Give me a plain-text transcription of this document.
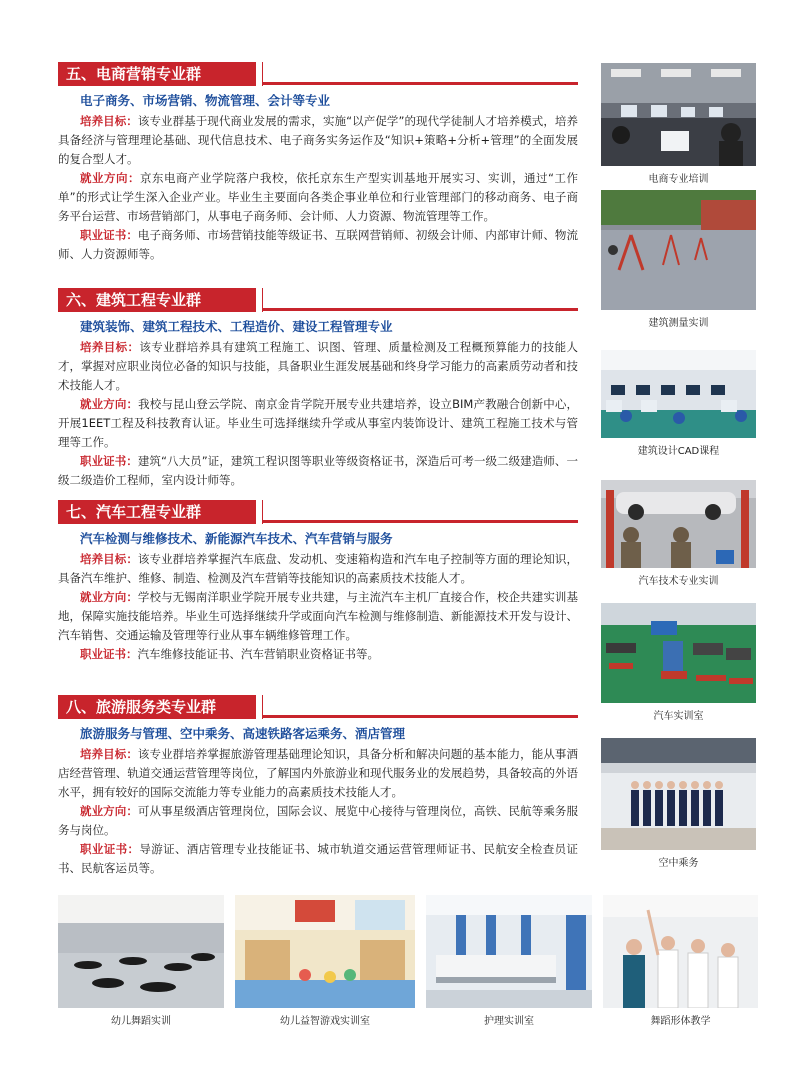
五、电商营销专业群
电子商务、市场营销、物流管理、会计等专业

培养目标：该专业群基于现代商业发展的需求，实施“以产促学”的现代学徒制人才培养模式，培养具备经济与管理理论基础、现代信息技术、电子商务实务运作及“知识+策略+分析+管理”的全面发展的复合型人才。

就业方向：京东电商产业学院落户我校，依托京东生产型实训基地开展实习、实训，通过“工作单”的形式让学生深入企业产业。毕业生主要面向各类企事业单位和行业管理部门的移动商务、电子商务平台运营、市场营销部门，从事电子商务师、会计师、人力资源、物流管理等工作。

职业证书：电子商务师、市场营销技能等级证书、互联网营销师、初级会计师、内部审计师、物流师、人力资源师等。

六、建筑工程专业群
建筑装饰、建筑工程技术、工程造价、建设工程管理专业

培养目标：该专业群培养具有建筑工程施工、识图、管理、质量检测及工程概预算能力的技能人才，掌握对应职业岗位必备的知识与技能，具备职业生涯发展基础和终身学习能力的高素质劳动者和技术技能人才。

就业方向：我校与昆山登云学院、南京金肯学院开展专业共建培养，设立BIM产教融合创新中心，开展1EET工程及科技教育认证。毕业生可选择继续升学或从事室内装饰设计、建筑工程施工技术与管理等工作。

职业证书：建筑“八大员”证，建筑工程识图等职业等级资格证书，深造后可考一级二级建造师、一级二级造价工程师，室内设计师等。

七、汽车工程专业群
汽车检测与维修技术、新能源汽车技术、汽车营销与服务

培养目标：该专业群培养掌握汽车底盘、发动机、变速箱构造和汽车电子控制等方面的理论知识，具备汽车维护、维修、制造、检测及汽车营销等技能知识的高素质技术技能人才。

就业方向：学校与无锡南洋职业学院开展专业共建，与主流汽车主机厂直接合作，校企共建实训基地，保障实施技能培养。毕业生可选择继续升学或面向汽车检测与维修制造、新能源技术开发与设计、汽车销售、交通运输及管理等行业从事车辆维修管理工作。

职业证书：汽车维修技能证书、汽车营销职业资格证书等。

八、旅游服务类专业群
旅游服务与管理、空中乘务、高速铁路客运乘务、酒店管理

培养目标：该专业群培养掌握旅游管理基础理论知识，具备分析和解决问题的基本能力，能从事酒店经营管理、轨道交通运营管理等岗位，了解国内外旅游业和现代服务业的发展趋势，具备较高的外语水平，拥有较好的国际交流能力等专业能力的高素质技术技能人才。

就业方向：可从事星级酒店管理岗位，国际会议、展览中心接待与管理岗位，高铁、民航等乘务服务与岗位。

职业证书：导游证、酒店管理专业技能证书、城市轨道交通运营管理师证书、民航安全检查员证书、民航客运员等。

电商专业培训
建筑测量实训
建筑设计CAD课程
汽车技术专业实训
汽车实训室
空中乘务
幼儿舞蹈实训	幼儿益智游戏实训室	护理实训室	舞蹈形体教学
